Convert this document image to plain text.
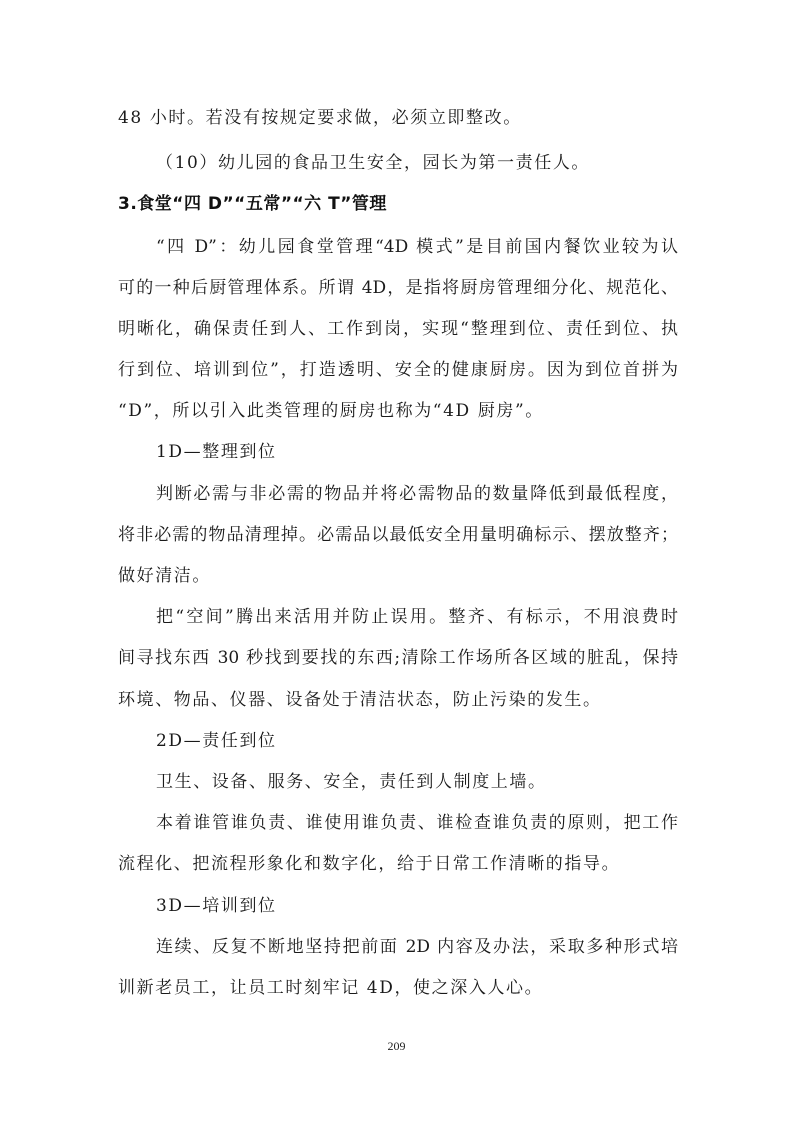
48 小时。若没有按规定要求做，必须立即整改。
（10）幼儿园的食品卫生安全，园长为第一责任人。
3.食堂“四 D”“五常”“六 T”管理
“四 D”：幼儿园食堂管理“4D 模式”是目前国内餐饮业较为认
可的一种后厨管理体系。所谓 4D，是指将厨房管理细分化、规范化、
明晰化，确保责任到人、工作到岗，实现“整理到位、责任到位、执
行到位、培训到位”，打造透明、安全的健康厨房。因为到位首拼为
“D”，所以引入此类管理的厨房也称为“4D 厨房”。
1D—整理到位
判断必需与非必需的物品并将必需物品的数量降低到最低程度，
将非必需的物品清理掉。必需品以最低安全用量明确标示、摆放整齐；
做好清洁。
把“空间”腾出来活用并防止误用。整齐、有标示，不用浪费时
间寻找东西 30 秒找到要找的东西;清除工作场所各区域的脏乱，保持
环境、物品、仪器、设备处于清洁状态，防止污染的发生。
2D—责任到位
卫生、设备、服务、安全，责任到人制度上墙。
本着谁管谁负责、谁使用谁负责、谁检查谁负责的原则，把工作
流程化、把流程形象化和数字化，给于日常工作清晰的指导。
3D—培训到位
连续、反复不断地坚持把前面 2D 内容及办法，采取多种形式培
训新老员工，让员工时刻牢记 4D，使之深入人心。
209
